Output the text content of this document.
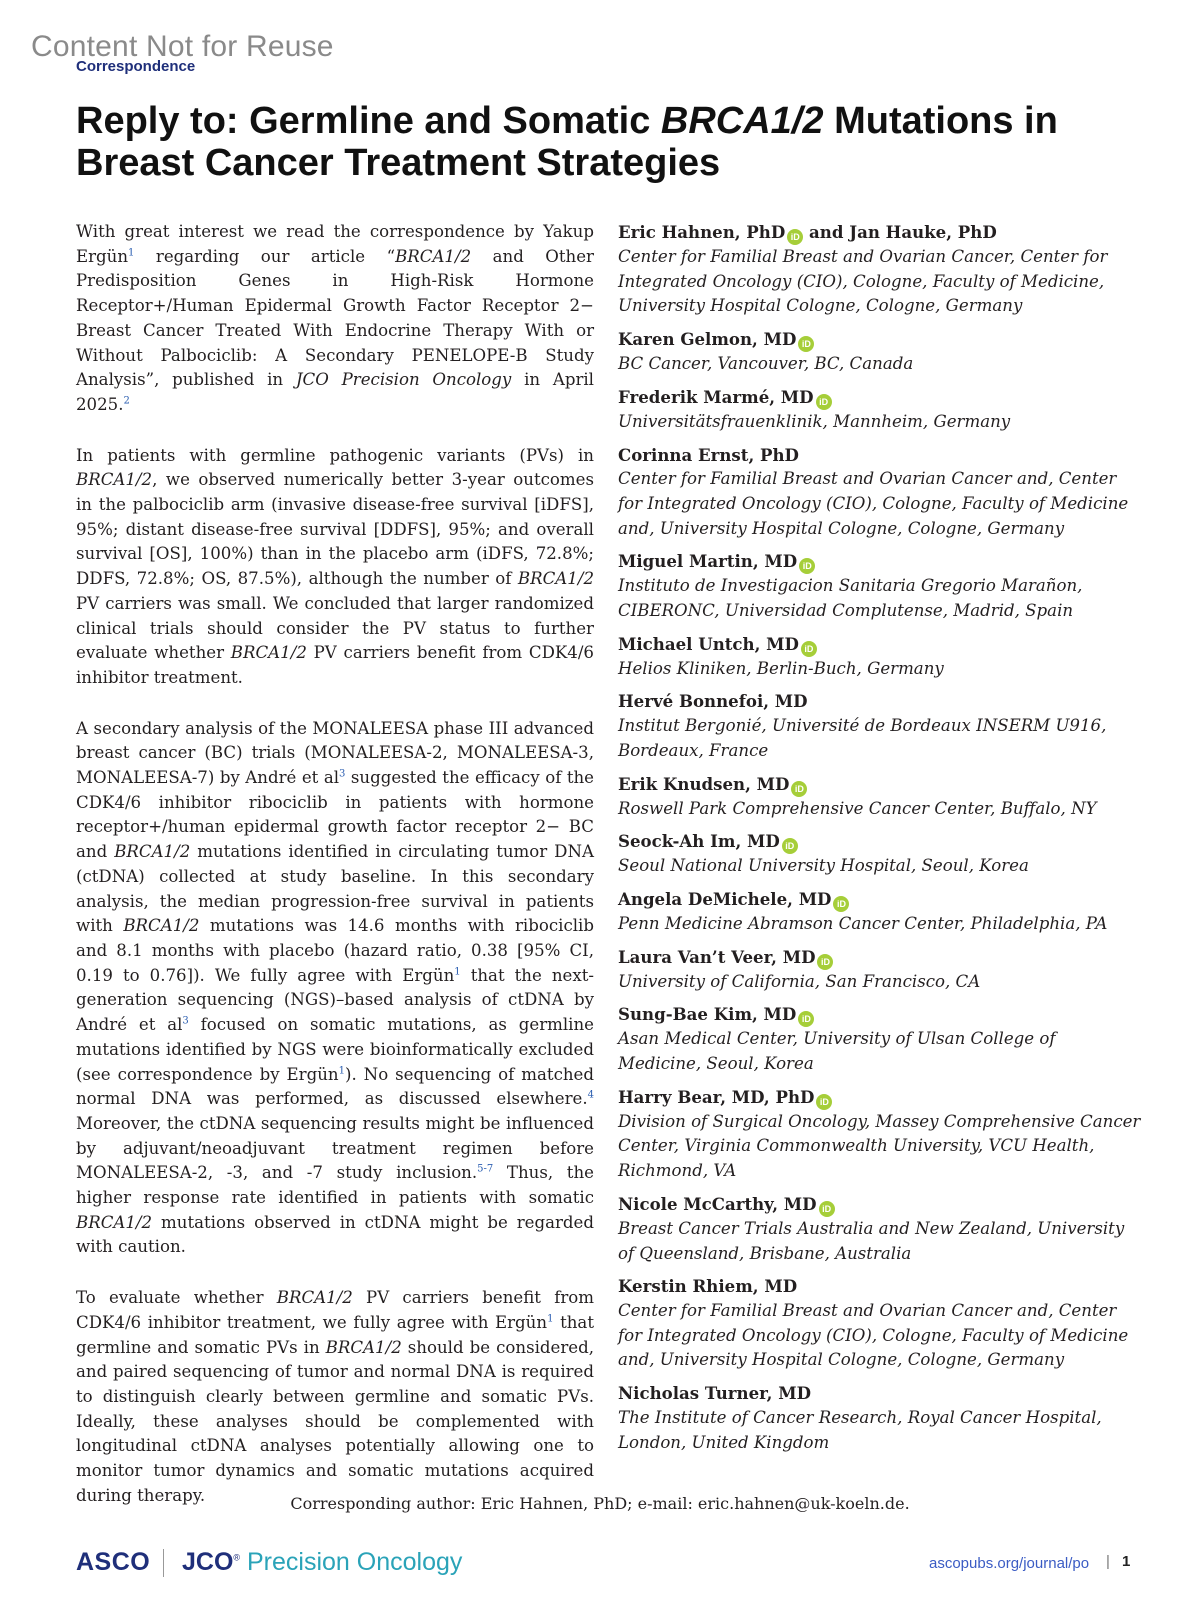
Content Not for Reuse
Correspondence
Reply to: Germline and Somatic BRCA1/2 Mutations in Breast Cancer Treatment Strategies

With great interest we read the correspondence by Yakup Ergün$^1$ regarding our article “BRCA1/2 and Other Predisposition Genes in High-Risk Hormone Receptor+/Human Epidermal Growth Factor Receptor 2− Breast Cancer Treated With Endocrine Therapy With or Without Palbociclib: A Secondary PENELOPE-B Study Analysis”, published in JCO Precision Oncology in April 2025.$^2$

In patients with germline pathogenic variants (PVs) in BRCA1/2, we observed numerically better 3-year outcomes in the palbociclib arm (invasive disease-free survival [iDFS], 95%; distant disease-free survival [DDFS], 95%; and overall survival [OS], 100%) than in the placebo arm (iDFS, 72.8%; DDFS, 72.8%; OS, 87.5%), although the number of BRCA1/2 PV carriers was small. We concluded that larger randomized clinical trials should consider the PV status to further evaluate whether BRCA1/2 PV carriers benefit from CDK4/6 inhibitor treatment.

A secondary analysis of the MONALEESA phase III advanced breast cancer (BC) trials (MONALEESA-2, MONALEESA-3, MONALEESA-7) by André et al$^3$ suggested the efficacy of the CDK4/6 inhibitor ribociclib in patients with hormone receptor+/human epidermal growth factor receptor 2− BC and BRCA1/2 mutations identified in circulating tumor DNA (ctDNA) collected at study baseline. In this secondary analysis, the median progression-free survival in patients with BRCA1/2 mutations was 14.6 months with ribociclib and 8.1 months with placebo (hazard ratio, 0.38 [95% CI, 0.19 to 0.76]). We fully agree with Ergün$^1$ that the next-generation sequencing (NGS)–based analysis of ctDNA by André et al$^3$ focused on somatic mutations, as germline mutations identified by NGS were bioinformatically excluded (see correspondence by Ergün$^1$). No sequencing of matched normal DNA was performed, as discussed elsewhere.$^4$ Moreover, the ctDNA sequencing results might be influenced by adjuvant/neoadjuvant treatment regimen before MONALEESA-2, -3, and -7 study inclusion.$^{5-7}$ Thus, the higher response rate identified in patients with somatic BRCA1/2 mutations observed in ctDNA might be regarded with caution.

To evaluate whether BRCA1/2 PV carriers benefit from CDK4/6 inhibitor treatment, we fully agree with Ergün$^1$ that germline and somatic PVs in BRCA1/2 should be considered, and paired sequencing of tumor and normal DNA is required to distinguish clearly between germline and somatic PVs. Ideally, these analyses should be complemented with longitudinal ctDNA analyses potentially allowing one to monitor tumor dynamics and somatic mutations acquired during therapy.

Eric Hahnen, PhD iD and Jan Hauke, PhD
Center for Familial Breast and Ovarian Cancer, Center for Integrated Oncology (CIO), Cologne, Faculty of Medicine, University Hospital Cologne, Cologne, Germany
Karen Gelmon, MD iD
BC Cancer, Vancouver, BC, Canada
Frederik Marmé, MD iD
Universitätsfrauenklinik, Mannheim, Germany
Corinna Ernst, PhD
Center for Familial Breast and Ovarian Cancer and, Center for Integrated Oncology (CIO), Cologne, Faculty of Medicine and, University Hospital Cologne, Cologne, Germany
Miguel Martin, MD iD
Instituto de Investigacion Sanitaria Gregorio Marañon, CIBERONC, Universidad Complutense, Madrid, Spain
Michael Untch, MD iD
Helios Kliniken, Berlin-Buch, Germany
Hervé Bonnefoi, MD
Institut Bergonié, Université de Bordeaux INSERM U916, Bordeaux, France
Erik Knudsen, MD iD
Roswell Park Comprehensive Cancer Center, Buffalo, NY
Seock-Ah Im, MD iD
Seoul National University Hospital, Seoul, Korea
Angela DeMichele, MD iD
Penn Medicine Abramson Cancer Center, Philadelphia, PA
Laura Van’t Veer, MD iD
University of California, San Francisco, CA
Sung-Bae Kim, MD iD
Asan Medical Center, University of Ulsan College of Medicine, Seoul, Korea
Harry Bear, MD, PhD iD
Division of Surgical Oncology, Massey Comprehensive Cancer Center, Virginia Commonwealth University, VCU Health, Richmond, VA
Nicole McCarthy, MD iD
Breast Cancer Trials Australia and New Zealand, University of Queensland, Brisbane, Australia
Kerstin Rhiem, MD
Center for Familial Breast and Ovarian Cancer and, Center for Integrated Oncology (CIO), Cologne, Faculty of Medicine and, University Hospital Cologne, Cologne, Germany
Nicholas Turner, MD
The Institute of Cancer Research, Royal Cancer Hospital, London, United Kingdom
Corresponding author: Eric Hahnen, PhD; e-mail: eric.hahnen@uk-koeln.de.
ASCO JCO® Precision Oncology	ascopubs.org/journal/po | 1
